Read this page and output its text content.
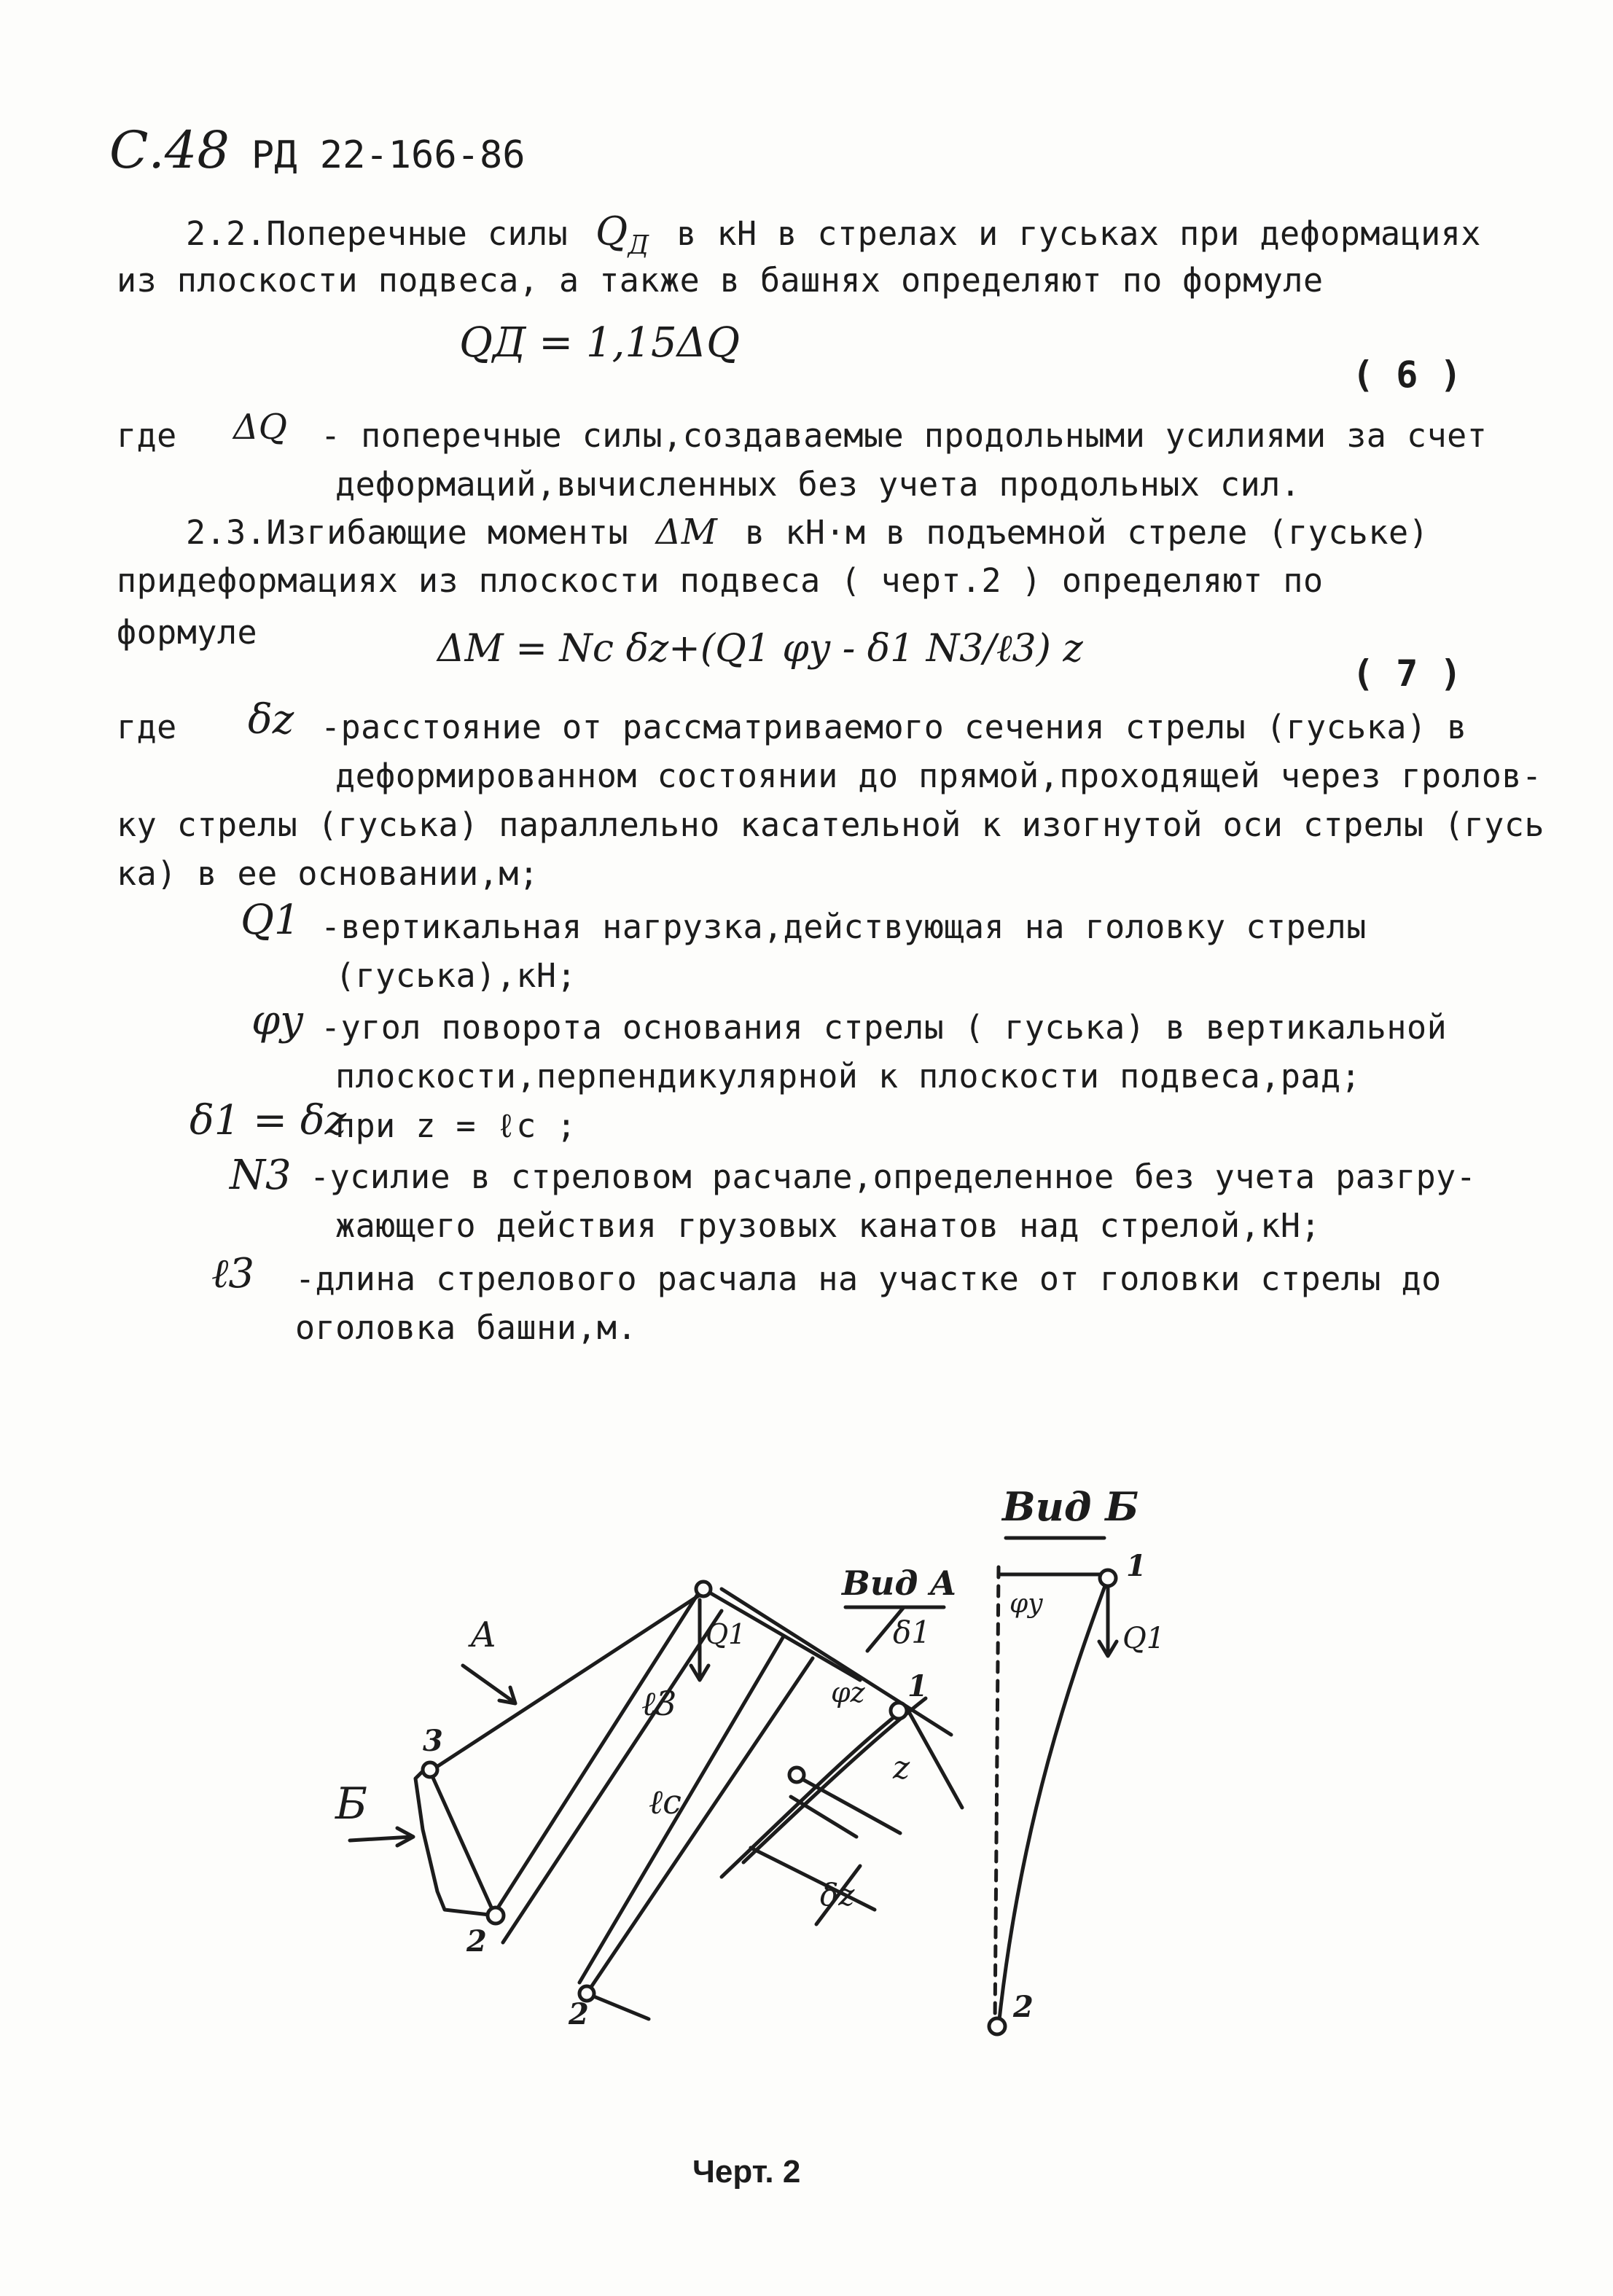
С.48 РД 22-166-86
2.2.Поперечные силы $Q_Д$ в кН в стрелах и гуськах при деформациях
из плоскости подвеса, а также в башнях определяют по формуле
QД = 1,15ΔQ
( 6 )
где ΔQ - поперечные силы,создаваемые продольными усилиями за счет
деформаций,вычисленных без учета продольных сил.
2.3.Изгибающие моменты ΔM в кН·м в подъемной стреле (гуське)
придеформациях из плоскости подвеса ( черт.2 ) определяют по
формуле	ΔM = Nc δz+(Q1 φy - δ1 N3/ℓ3) z
( 7 )
где δz -расстояние от рассматриваемого сечения стрелы (гуська) в
деформированном состоянии до прямой,проходящей через гролов-
ку стрелы (гуська) параллельно касательной к изогнутой оси стрелы (гусь
ка) в ее основании,м;
Q1 -вертикальная нагрузка,действующая на головку стрелы
(гуська),кН;
φy -угол поворота основания стрелы ( гуська) в вертикальной
плоскости,перпендикулярной к плоскости подвеса,рад;
δ1 = δz
при z = ℓc ;
N3 -усилие в стреловом расчале,определенное без учета разгру-
жающего действия грузовых канатов над стрелой,кН;
ℓ3 -длина стрелового расчала на участке от головки стрелы до
оголовка башни,м.
Вид Б
Вид А
А
Б
3
2
2
1
Q1
ℓ3
ℓc
δ1
δz
φz
z
1
2
Q1
φy
Черт. 2
